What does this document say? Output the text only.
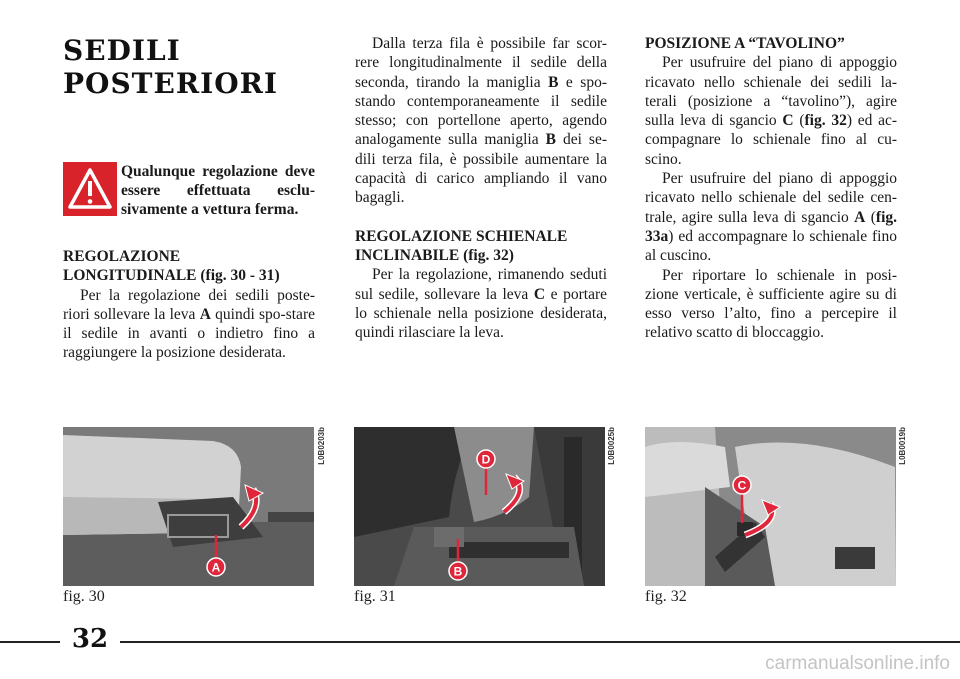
SEDILI
POSTERIORI
Qualunque regolazione deve essere effettuata esclu-sivamente a vettura ferma.

REGOLAZIONE LONGITUDINALE (fig. 30 - 31)

Per la regolazione dei sedili poste-riori sollevare la leva A quindi spo-stare il sedile in avanti o indietro fino a raggiungere la posizione desiderata.

Dalla terza fila è possibile far scor-rere longitudinalmente il sedile della seconda, tirando la maniglia B e spo-stando contemporaneamente il sedile stesso; con portellone aperto, agendo analogamente sulla maniglia B dei se-dili terza fila, è possibile aumentare la capacità di carico ampliando il vano bagagli.

REGOLAZIONE SCHIENALE
INCLINABILE (fig. 32)

Per la regolazione, rimanendo seduti sul sedile, sollevare la leva C e portare lo schienale nella posizione desiderata, quindi rilasciare la leva.

POSIZIONE A “TAVOLINO”

Per usufruire del piano di appoggio ricavato nello schienale dei sedili la-terali (posizione a “tavolino”), agire sulla leva di sgancio C (fig. 32) ed ac-compagnare lo schienale fino al cu-scino.

Per usufruire del piano di appoggio ricavato nello schienale del sedile cen-trale, agire sulla leva di sgancio A (fig. 33a) ed accompagnare lo schienale fino al cuscino.

Per riportare lo schienale in posi-zione verticale, è sufficiente agire su di esso verso l’alto, fino a percepire il relativo scatto di bloccaggio.

A
L0B0203b
fig. 30
D
B
L0B0025b
fig. 31
C
L0B0019b
fig. 32
32
carmanualsonline.info
